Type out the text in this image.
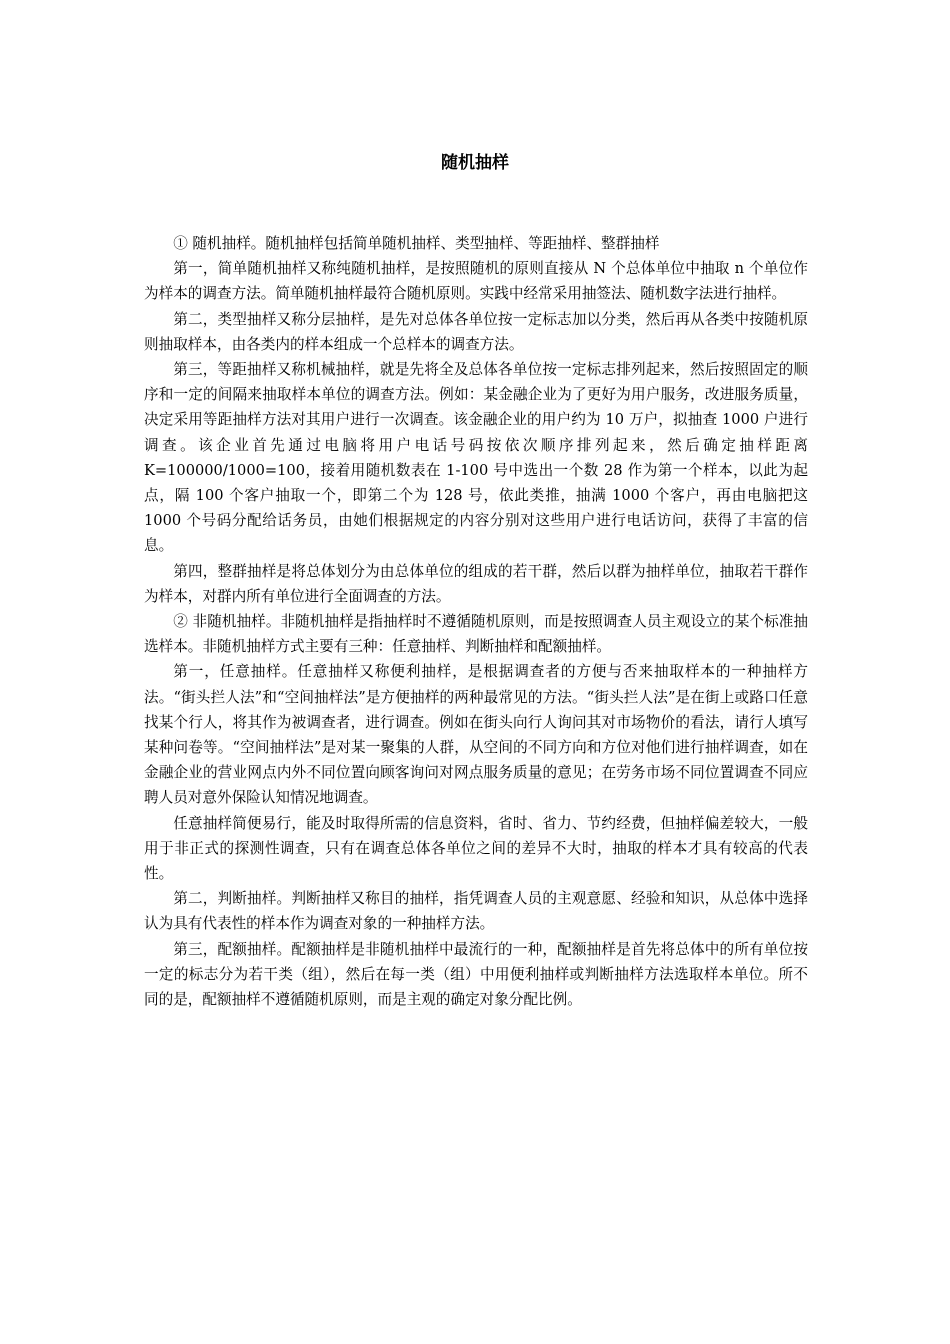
随机抽样

① 随机抽样。随机抽样包括简单随机抽样、类型抽样、等距抽样、整群抽样

第一，简单随机抽样又称纯随机抽样，是按照随机的原则直接从 N 个总体单位中抽取 n 个单位作为样本的调查方法。简单随机抽样最符合随机原则。实践中经常采用抽签法、随机数字法进行抽样。

第二，类型抽样又称分层抽样，是先对总体各单位按一定标志加以分类，然后再从各类中按随机原则抽取样本，由各类内的样本组成一个总样本的调查方法。

第三，等距抽样又称机械抽样，就是先将全及总体各单位按一定标志排列起来，然后按照固定的顺序和一定的间隔来抽取样本单位的调查方法。例如：某金融企业为了更好为用户服务，改进服务质量，决定采用等距抽样方法对其用户进行一次调查。该金融企业的用户约为 10 万户，拟抽查 1000 户进行调查。该企业首先通过电脑将用户电话号码按依次顺序排列起来，然后确定抽样距离 K=100000/1000=100，接着用随机数表在 1-100 号中选出一个数 28 作为第一个样本，以此为起点，隔 100 个客户抽取一个，即第二个为 128 号，依此类推，抽满 1000 个客户，再由电脑把这 1000 个号码分配给话务员，由她们根据规定的内容分别对这些用户进行电话访问，获得了丰富的信息。

第四，整群抽样是将总体划分为由总体单位的组成的若干群，然后以群为抽样单位，抽取若干群作为样本，对群内所有单位进行全面调查的方法。

② 非随机抽样。非随机抽样是指抽样时不遵循随机原则，而是按照调查人员主观设立的某个标准抽选样本。非随机抽样方式主要有三种：任意抽样、判断抽样和配额抽样。

第一，任意抽样。任意抽样又称便利抽样，是根据调查者的方便与否来抽取样本的一种抽样方法。“街头拦人法”和“空间抽样法”是方便抽样的两种最常见的方法。“街头拦人法”是在街上或路口任意找某个行人，将其作为被调查者，进行调查。例如在街头向行人询问其对市场物价的看法，请行人填写某种问卷等。“空间抽样法”是对某一聚集的人群，从空间的不同方向和方位对他们进行抽样调查，如在金融企业的营业网点内外不同位置向顾客询问对网点服务质量的意见；在劳务市场不同位置调查不同应聘人员对意外保险认知情况地调查。

任意抽样简便易行，能及时取得所需的信息资料，省时、省力、节约经费，但抽样偏差较大，一般用于非正式的探测性调查，只有在调查总体各单位之间的差异不大时，抽取的样本才具有较高的代表性。

第二，判断抽样。判断抽样又称目的抽样，指凭调查人员的主观意愿、经验和知识，从总体中选择认为具有代表性的样本作为调查对象的一种抽样方法。

第三，配额抽样。配额抽样是非随机抽样中最流行的一种，配额抽样是首先将总体中的所有单位按一定的标志分为若干类（组），然后在每一类（组）中用便利抽样或判断抽样方法选取样本单位。所不同的是，配额抽样不遵循随机原则，而是主观的确定对象分配比例。
